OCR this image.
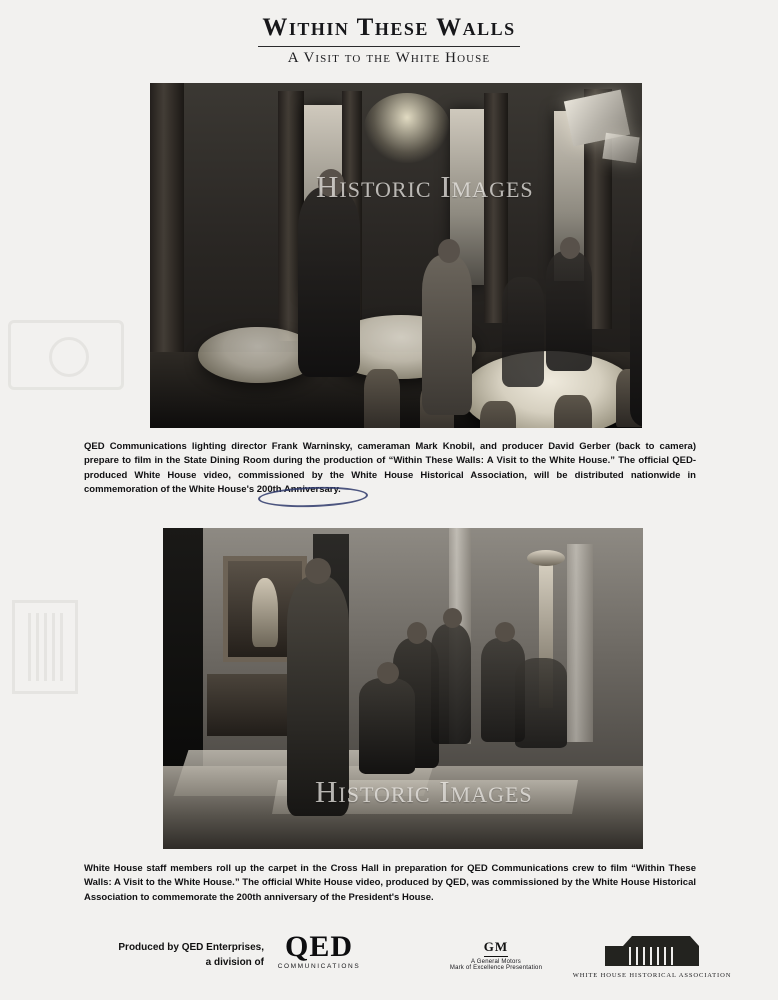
Within These Walls
A Visit to the White House
Historic Images
QED Communications lighting director Frank Warninsky, cameraman Mark Knobil, and producer David Gerber (back to camera) prepare to film in the State Dining Room during the production of “Within These Walls: A Visit to the White House.” The official QED-produced White House video, commissioned by the White House Historical Association, will be distributed nationwide in commemoration of the White House's 200th Anniversary.
Historic Images
White House staff members roll up the carpet in the Cross Hall in preparation for QED Communications crew to film “Within These Walls: A Visit to the White House.” The official White House video, produced by QED, was commissioned by the White House Historical Association to commemorate the 200th anniversary of the President's House.
Produced by QED Enterprises,
a division of QED
COMMUNICATIONS
GM
A General Motors
Mark of Excellence Presentation
WHITE HOUSE HISTORICAL ASSOCIATION
